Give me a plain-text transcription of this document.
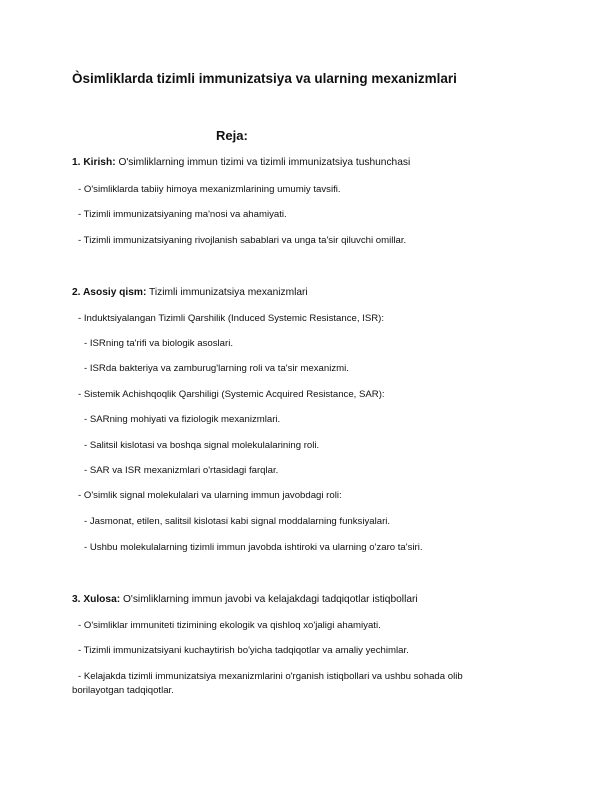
Òsimliklarda tizimli immunizatsiya va ularning mexanizmlari
Reja:
1. Kirish: O'simliklarning immun tizimi va tizimli immunizatsiya tushunchasi
- O'simliklarda tabiiy himoya mexanizmlarining umumiy tavsifi.
- Tizimli immunizatsiyaning ma'nosi va ahamiyati.
- Tizimli immunizatsiyaning rivojlanish sabablari va unga ta'sir qiluvchi omillar.
2. Asosiy qism: Tizimli immunizatsiya mexanizmlari
- Induktsiyalangan Tizimli Qarshilik (Induced Systemic Resistance, ISR):
- ISRning ta'rifi va biologik asoslari.
- ISRda bakteriya va zamburug'larning roli va ta'sir mexanizmi.
- Sistemik Achishqoqlik Qarshiligi (Systemic Acquired Resistance, SAR):
- SARning mohiyati va fiziologik mexanizmlari.
- Salitsil kislotasi va boshqa signal molekulalarining roli.
- SAR va ISR mexanizmlari o'rtasidagi farqlar.
- O'simlik signal molekulalari va ularning immun javobdagi roli:
- Jasmonat, etilen, salitsil kislotasi kabi signal moddalarning funksiyalari.
- Ushbu molekulalarning tizimli immun javobda ishtiroki va ularning o'zaro ta'siri.
3. Xulosa: O'simliklarning immun javobi va kelajakdagi tadqiqotlar istiqbollari
- O'simliklar immuniteti tizimining ekologik va qishloq xo'jaligi ahamiyati.
- Tizimli immunizatsiyani kuchaytirish bo'yicha tadqiqotlar va amaliy yechimlar.
- Kelajakda tizimli immunizatsiya mexanizmlarini o'rganish istiqbollari va ushbu sohada olib borilayotgan tadqiqotlar.
